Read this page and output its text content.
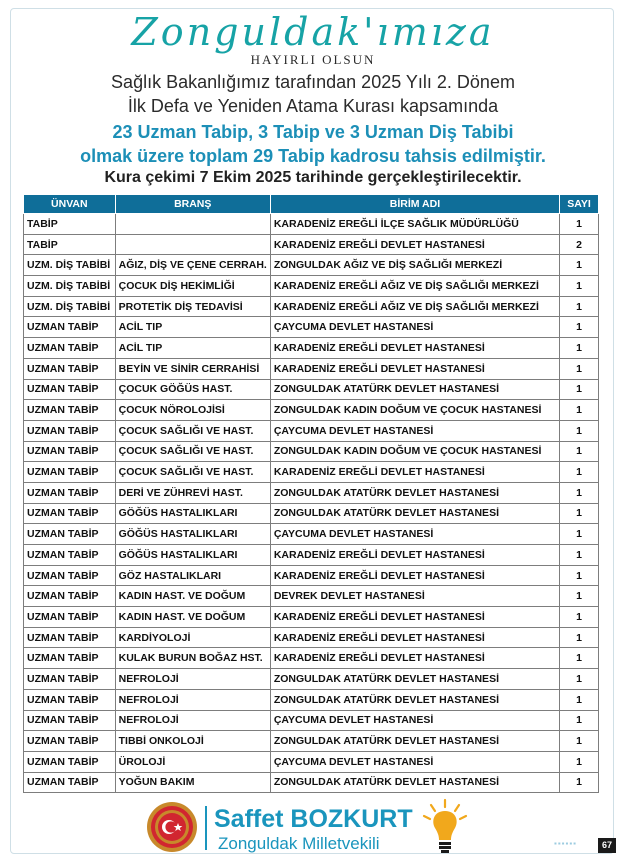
Zonguldak'ımıza
HAYIRLI OLSUN
Sağlık Bakanlığımız tarafından 2025 Yılı 2. Dönem
İlk Defa ve Yeniden Atama Kurası kapsamında
23 Uzman Tabip, 3 Tabip ve 3 Uzman Diş Tabibi
olmak üzere toplam 29 Tabip kadrosu tahsis edilmiştir.
Kura çekimi 7 Ekim 2025 tarihinde gerçekleştirilecektir.
ÜNVAN	BRANŞ	BİRİM ADI	SAYI
TABİP		KARADENİZ EREĞLİ İLÇE SAĞLIK MÜDÜRLÜĞÜ	1
TABİP		KARADENİZ EREĞLİ DEVLET HASTANESİ	2
UZM. DİŞ TABİBİ	AĞIZ, DİŞ VE ÇENE CERRAH.	ZONGULDAK AĞIZ VE DİŞ SAĞLIĞI MERKEZİ	1
UZM. DİŞ TABİBİ	ÇOCUK DİŞ HEKİMLİĞİ	KARADENİZ EREĞLİ AĞIZ VE DİŞ SAĞLIĞI MERKEZİ	1
UZM. DİŞ TABİBİ	PROTETİK DİŞ TEDAVİSİ	KARADENİZ EREĞLİ AĞIZ VE DİŞ SAĞLIĞI MERKEZİ	1
UZMAN TABİP	ACİL TIP	ÇAYCUMA DEVLET HASTANESİ	1
UZMAN TABİP	ACİL TIP	KARADENİZ EREĞLİ DEVLET HASTANESİ	1
UZMAN TABİP	BEYİN VE SİNİR CERRAHİSİ	KARADENİZ EREĞLİ DEVLET HASTANESİ	1
UZMAN TABİP	ÇOCUK GÖĞÜS HAST.	ZONGULDAK ATATÜRK DEVLET HASTANESİ	1
UZMAN TABİP	ÇOCUK NÖROLOJİSİ	ZONGULDAK KADIN DOĞUM VE ÇOCUK HASTANESİ	1
UZMAN TABİP	ÇOCUK SAĞLIĞI VE HAST.	ÇAYCUMA DEVLET HASTANESİ	1
UZMAN TABİP	ÇOCUK SAĞLIĞI VE HAST.	ZONGULDAK KADIN DOĞUM VE ÇOCUK HASTANESİ	1
UZMAN TABİP	ÇOCUK SAĞLIĞI VE HAST.	KARADENİZ EREĞLİ DEVLET HASTANESİ	1
UZMAN TABİP	DERİ VE ZÜHREVİ HAST.	ZONGULDAK ATATÜRK DEVLET HASTANESİ	1
UZMAN TABİP	GÖĞÜS HASTALIKLARI	ZONGULDAK ATATÜRK DEVLET HASTANESİ	1
UZMAN TABİP	GÖĞÜS HASTALIKLARI	ÇAYCUMA DEVLET HASTANESİ	1
UZMAN TABİP	GÖĞÜS HASTALIKLARI	KARADENİZ EREĞLİ DEVLET HASTANESİ	1
UZMAN TABİP	GÖZ HASTALIKLARI	KARADENİZ EREĞLİ DEVLET HASTANESİ	1
UZMAN TABİP	KADIN HAST. VE DOĞUM	DEVREK DEVLET HASTANESİ	1
UZMAN TABİP	KADIN HAST. VE DOĞUM	KARADENİZ EREĞLİ DEVLET HASTANESİ	1
UZMAN TABİP	KARDİYOLOJİ	KARADENİZ EREĞLİ DEVLET HASTANESİ	1
UZMAN TABİP	KULAK BURUN BOĞAZ HST.	KARADENİZ EREĞLİ DEVLET HASTANESİ	1
UZMAN TABİP	NEFROLOJİ	ZONGULDAK ATATÜRK DEVLET HASTANESİ	1
UZMAN TABİP	NEFROLOJİ	ZONGULDAK ATATÜRK DEVLET HASTANESİ	1
UZMAN TABİP	NEFROLOJİ	ÇAYCUMA DEVLET HASTANESİ	1
UZMAN TABİP	TIBBİ ONKOLOJİ	ZONGULDAK ATATÜRK DEVLET HASTANESİ	1
UZMAN TABİP	ÜROLOJİ	ÇAYCUMA DEVLET HASTANESİ	1
UZMAN TABİP	YOĞUN BAKIM	ZONGULDAK ATATÜRK DEVLET HASTANESİ	1
Saffet BOZKURT
Zonguldak Milletvekili	▪▪▪▪▪▪	67
